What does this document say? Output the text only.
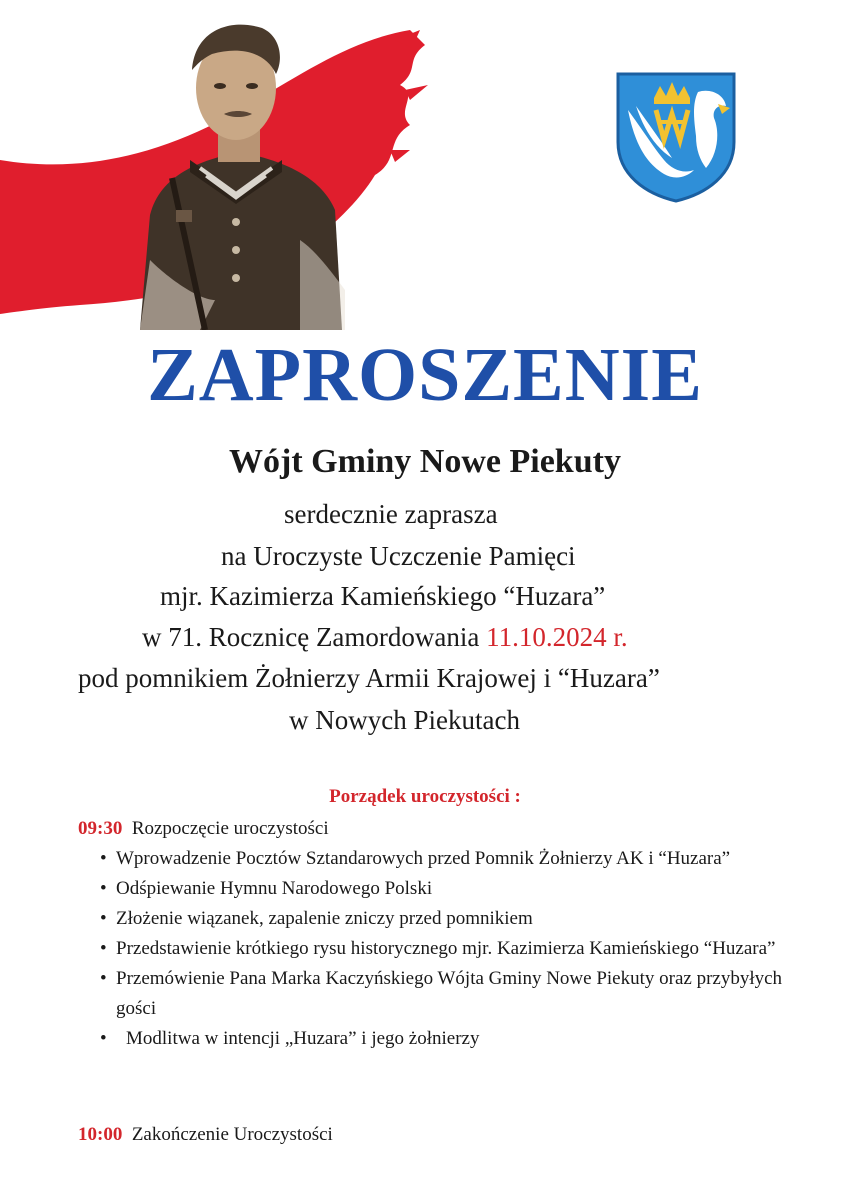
ZAPROSZENIE
Wójt Gminy Nowe Piekuty
serdecznie zaprasza
na Uroczyste Uczczenie Pamięci
mjr. Kazimierza Kamieńskiego “Huzara”
w 71. Rocznicę Zamordowania 11.10.2024 r.
pod pomnikiem Żołnierzy Armii Krajowej i “Huzara”
w Nowych Piekutach
Porządek uroczystości :
09:30 Rozpoczęcie uroczystości
• Wprowadzenie Pocztów Sztandarowych przed Pomnik Żołnierzy AK i “Huzara”
• Odśpiewanie Hymnu Narodowego Polski
• Złożenie wiązanek, zapalenie zniczy przed pomnikiem
• Przedstawienie krótkiego rysu historycznego mjr. Kazimierza Kamieńskiego “Huzara”
• Przemówienie Pana Marka Kaczyńskiego Wójta Gminy Nowe Piekuty oraz przybyłych gości
• Modlitwa w intencji „Huzara” i jego żołnierzy
10:00 Zakończenie Uroczystości
